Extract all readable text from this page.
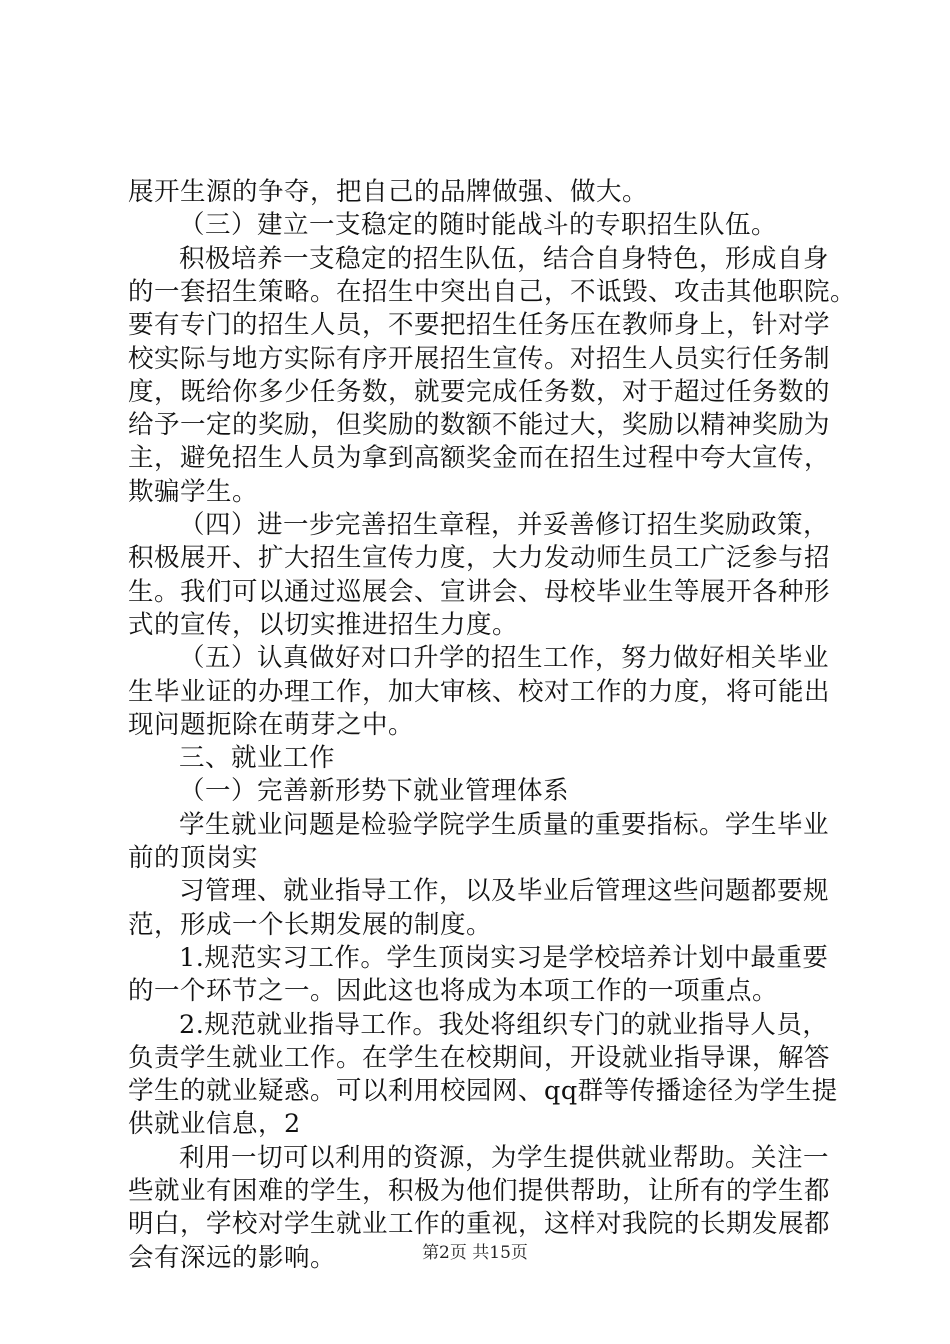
展开生源的争夺，把自己的品牌做强、做大。
（三）建立一支稳定的随时能战斗的专职招生队伍。
积极培养一支稳定的招生队伍，结合自身特色，形成自身
的一套招生策略。在招生中突出自己，不诋毁、攻击其他职院。
要有专门的招生人员，不要把招生任务压在教师身上，针对学
校实际与地方实际有序开展招生宣传。对招生人员实行任务制
度，既给你多少任务数，就要完成任务数，对于超过任务数的
给予一定的奖励，但奖励的数额不能过大，奖励以精神奖励为
主，避免招生人员为拿到高额奖金而在招生过程中夸大宣传，
欺骗学生。
（四）进一步完善招生章程，并妥善修订招生奖励政策，
积极展开、扩大招生宣传力度，大力发动师生员工广泛参与招
生。我们可以通过巡展会、宣讲会、母校毕业生等展开各种形
式的宣传，以切实推进招生力度。
（五）认真做好对口升学的招生工作，努力做好相关毕业
生毕业证的办理工作，加大审核、校对工作的力度，将可能出
现问题扼除在萌芽之中。
三、就业工作
（一）完善新形势下就业管理体系
学生就业问题是检验学院学生质量的重要指标。学生毕业
前的顶岗实
习管理、就业指导工作，以及毕业后管理这些问题都要规
范，形成一个长期发展的制度。
1.规范实习工作。学生顶岗实习是学校培养计划中最重要
的一个环节之一。因此这也将成为本项工作的一项重点。
2.规范就业指导工作。我处将组织专门的就业指导人员，
负责学生就业工作。在学生在校期间，开设就业指导课，解答
学生的就业疑惑。可以利用校园网、qq群等传播途径为学生提
供就业信息，2
利用一切可以利用的资源，为学生提供就业帮助。关注一
些就业有困难的学生，积极为他们提供帮助，让所有的学生都
明白，学校对学生就业工作的重视，这样对我院的长期发展都
会有深远的影响。	第2页 共15页
